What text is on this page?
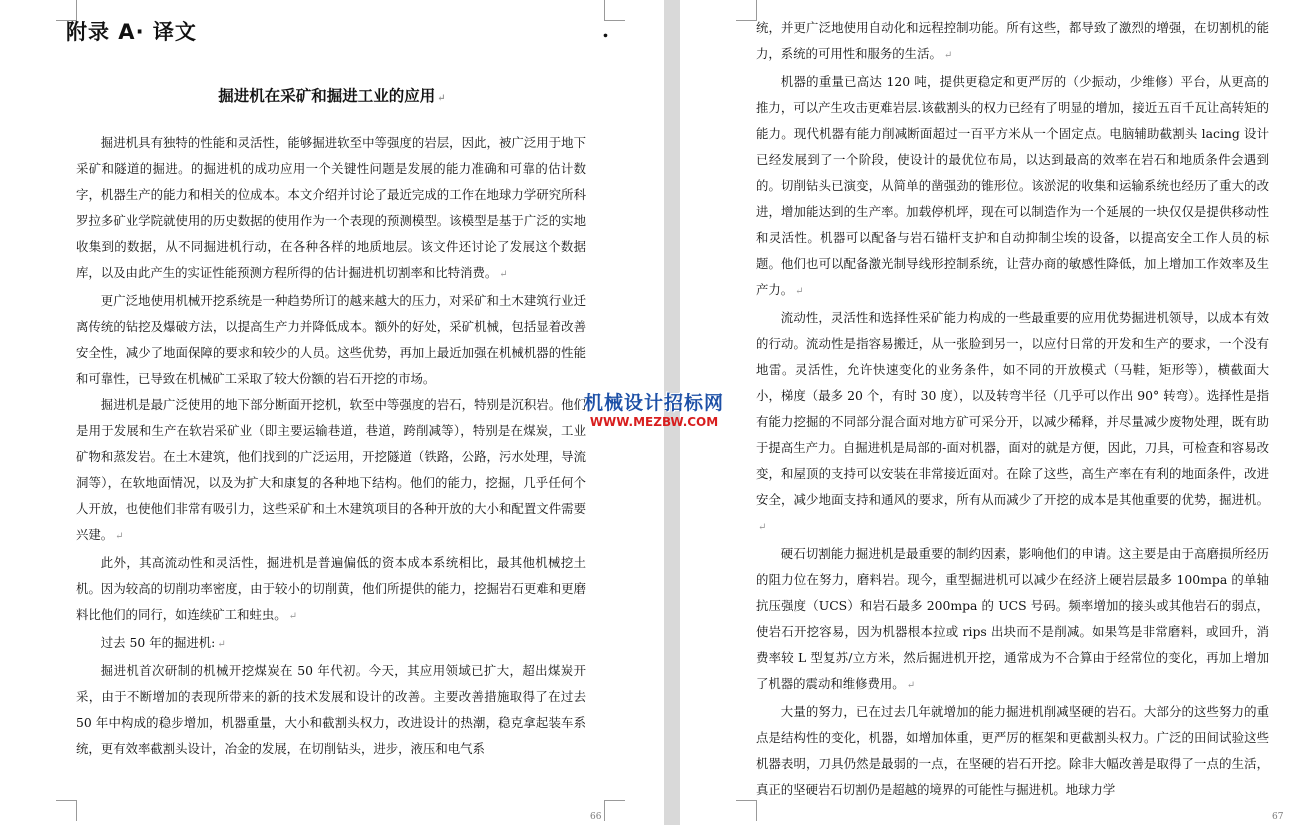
附录 A· 译文	.
掘进机在采矿和掘进工业的应用 ↵

掘进机具有独特的性能和灵活性，能够掘进软至中等强度的岩层，因此，被广泛用于地下采矿和隧道的掘进。的掘进机的成功应用一个关键性问题是发展的能力准确和可靠的估计数字，机器生产的能力和相关的位成本。本文介绍并讨论了最近完成的工作在地球力学研究所科罗拉多矿业学院就使用的历史数据的使用作为一个表现的预测模型。该模型是基于广泛的实地收集到的数据，从不同掘进机行动，在各种各样的地质地层。该文件还讨论了发展这个数据库，以及由此产生的实证性能预测方程所得的估计掘进机切割率和比特消费。 ↵

更广泛地使用机械开挖系统是一种趋势所订的越来越大的压力，对采矿和土木建筑行业迁离传统的钻挖及爆破方法，以提高生产力并降低成本。额外的好处，采矿机械，包括显着改善安全性，减少了地面保障的要求和较少的人员。这些优势，再加上最近加强在机械机器的性能和可靠性，已导致在机械矿工采取了较大份额的岩石开挖的市场。

掘进机是最广泛使用的地下部分断面开挖机，软至中等强度的岩石，特别是沉积岩。他们是用于发展和生产在软岩采矿业（即主要运输巷道，巷道，跨削减等），特别是在煤炭，工业矿物和蒸发岩。在土木建筑，他们找到的广泛运用，开挖隧道（铁路，公路，污水处理，导流洞等），在软地面情况，以及为扩大和康复的各种地下结构。他们的能力，挖掘，几乎任何个人开放，也使他们非常有吸引力，这些采矿和土木建筑项目的各种开放的大小和配置文件需要兴建。 ↵

此外，其高流动性和灵活性，掘进机是普遍偏低的资本成本系统相比，最其他机械挖土机。因为较高的切削功率密度，由于较小的切削黄，他们所提供的能力，挖掘岩石更难和更磨料比他们的同行，如连续矿工和蛀虫。 ↵

过去 50 年的掘进机: ↵

掘进机首次研制的机械开挖煤炭在 50 年代初。今天，其应用领域已扩大，超出煤炭开采，由于不断增加的表现所带来的新的技术发展和设计的改善。主要改善措施取得了在过去 50 年中构成的稳步增加，机器重量，大小和截割头权力，改进设计的热潮，稳克拿起装车系统，更有效率截割头设计，冶金的发展，在切削钻头，进步，液压和电气系

66

统，并更广泛地使用自动化和远程控制功能。所有这些，都导致了激烈的增强，在切割机的能力，系统的可用性和服务的生活。 ↵

机器的重量已高达 120 吨，提供更稳定和更严厉的（少振动，少维修）平台，从更高的推力，可以产生攻击更难岩层.该截割头的权力已经有了明显的增加，接近五百千瓦让高转矩的能力。现代机器有能力削减断面超过一百平方米从一个固定点。电脑辅助截割头 lacing 设计已经发展到了一个阶段，使设计的最优位布局，以达到最高的效率在岩石和地质条件会遇到的。切削钻头已演变，从简单的凿强劲的锥形位。该淤泥的收集和运输系统也经历了重大的改进，增加能达到的生产率。加载停机坪，现在可以制造作为一个延展的一块仅仅是提供移动性和灵活性。机器可以配备与岩石锚杆支护和自动抑制尘埃的设备，以提高安全工作人员的标题。他们也可以配备激光制导线形控制系统，让营办商的敏感性降低，加上增加工作效率及生产力。 ↵

流动性，灵活性和选择性采矿能力构成的一些最重要的应用优势掘进机领导，以成本有效的行动。流动性是指容易搬迁，从一张脸到另一，以应付日常的开发和生产的要求，一个没有地雷。灵活性，允许快速变化的业务条件，如不同的开放模式（马鞋，矩形等），横截面大小，梯度（最多 20 个，有时 30 度），以及转弯半径（几乎可以作出 90° 转弯）。选择性是指有能力挖掘的不同部分混合面对地方矿可采分开，以减少稀释，并尽量减少废物处理，既有助于提高生产力。自掘进机是局部的-面对机器，面对的就是方便，因此，刀具，可检查和容易改变，和屋顶的支持可以安装在非常接近面对。在除了这些，高生产率在有利的地面条件，改进安全，减少地面支持和通风的要求，所有从而减少了开挖的成本是其他重要的优势，掘进机。↵

硬石切割能力掘进机是最重要的制约因素，影响他们的申请。这主要是由于高磨损所经历的阻力位在努力，磨料岩。现今，重型掘进机可以减少在经济上硬岩层最多 100mpa 的单轴抗压强度（UCS）和岩石最多 200mpa 的 UCS 号码。频率增加的接头或其他岩石的弱点，使岩石开挖容易，因为机器根本拉或 rips 出块而不是削减。如果笃是非常磨料，或回升，消费率较 L 型复苏/立方米，然后掘进机开挖，通常成为不合算由于经常位的变化，再加上增加了机器的震动和维修费用。 ↵

大量的努力，已在过去几年就增加的能力掘进机削减坚硬的岩石。大部分的这些努力的重点是结构性的变化，机器，如增加体重，更严厉的框架和更截割头权力。广泛的田间试验这些机器表明，刀具仍然是最弱的一点，在坚硬的岩石开挖。除非大幅改善是取得了一点的生活，真正的坚硬岩石切割仍是超越的境界的可能性与掘进机。地球力学

67
机械设计招标网
WWW.MEZBW.COM
